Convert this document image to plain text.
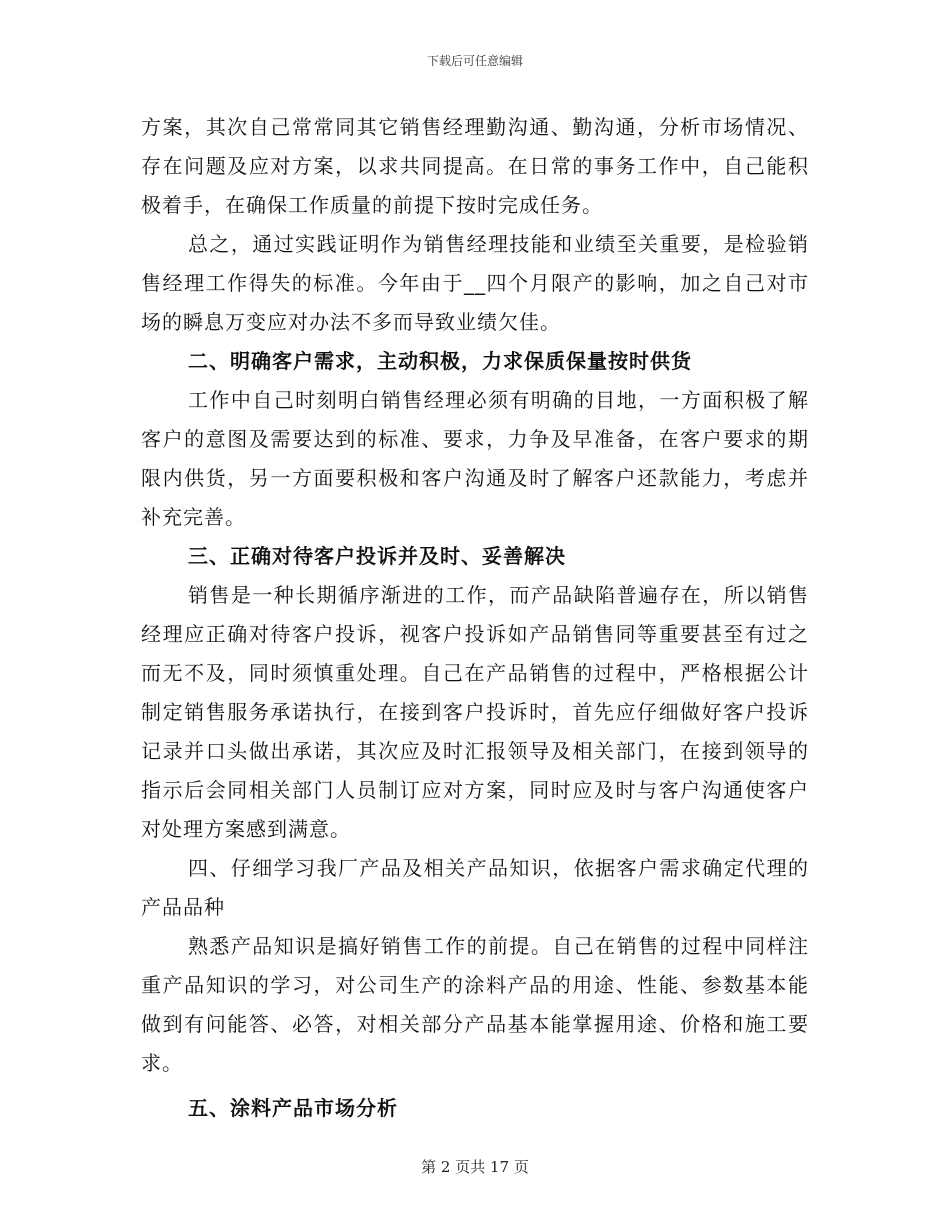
下载后可任意编辑

方案，其次自己常常同其它销售经理勤沟通、勤沟通，分析市场情况、存在问题及应对方案，以求共同提高。在日常的事务工作中，自己能积极着手，在确保工作质量的前提下按时完成任务。

总之，通过实践证明作为销售经理技能和业绩至关重要，是检验销售经理工作得失的标准。今年由于__四个月限产的影响，加之自己对市场的瞬息万变应对办法不多而导致业绩欠佳。

二、明确客户需求，主动积极，力求保质保量按时供货

工作中自己时刻明白销售经理必须有明确的目地，一方面积极了解客户的意图及需要达到的标准、要求，力争及早准备，在客户要求的期限内供货，另一方面要积极和客户沟通及时了解客户还款能力，考虑并补充完善。

三、正确对待客户投诉并及时、妥善解决

销售是一种长期循序渐进的工作，而产品缺陷普遍存在，所以销售经理应正确对待客户投诉，视客户投诉如产品销售同等重要甚至有过之而无不及，同时须慎重处理。自己在产品销售的过程中，严格根据公计制定销售服务承诺执行，在接到客户投诉时，首先应仔细做好客户投诉记录并口头做出承诺，其次应及时汇报领导及相关部门，在接到领导的指示后会同相关部门人员制订应对方案，同时应及时与客户沟通使客户对处理方案感到满意。

四、仔细学习我厂产品及相关产品知识，依据客户需求确定代理的产品品种

熟悉产品知识是搞好销售工作的前提。自己在销售的过程中同样注重产品知识的学习，对公司生产的涂料产品的用途、性能、参数基本能做到有问能答、必答，对相关部分产品基本能掌握用途、价格和施工要求。

五、涂料产品市场分析

第 2 页共 17 页
